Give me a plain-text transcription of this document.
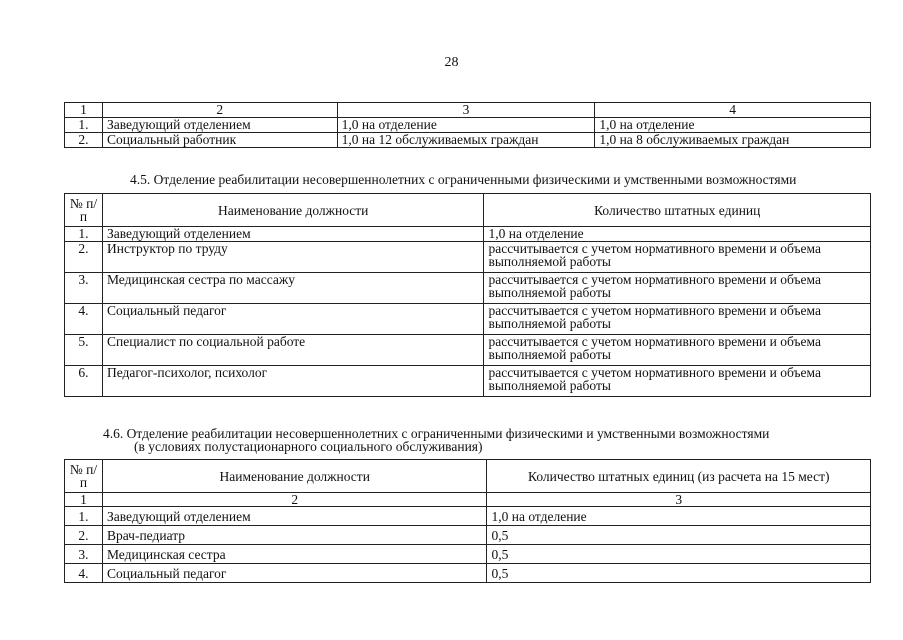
28
1	2	3	4
1.	Заведующий отделением	1,0 на отделение	1,0 на отделение
2.	Социальный работник	1,0 на 12 обслуживаемых граждан	1,0 на 8 обслуживаемых граждан
4.5. Отделение реабилитации несовершеннолетних с ограниченными физическими и умственными возможностями
№ п/п	Наименование должности	Количество штатных единиц
1.	Заведующий отделением	1,0 на отделение
2.	Инструктор по труду	рассчитывается с учетом нормативного времени и объема выполняемой работы
3.	Медицинская сестра по массажу	рассчитывается с учетом нормативного времени и объема выполняемой работы
4.	Социальный педагог	рассчитывается с учетом нормативного времени и объема выполняемой работы
5.	Специалист по социальной работе	рассчитывается с учетом нормативного времени и объема выполняемой работы
6.	Педагог-психолог, психолог	рассчитывается с учетом нормативного времени и объема выполняемой работы
4.6. Отделение реабилитации несовершеннолетних с ограниченными физическими и умственными возможностями
(в условиях полустационарного социального обслуживания)
№ п/п	Наименование должности	Количество штатных единиц (из расчета на 15 мест)
1	2	3
1.	Заведующий отделением	1,0 на отделение
2.	Врач-педиатр	0,5
3.	Медицинская сестра	0,5
4.	Социальный педагог	0,5
